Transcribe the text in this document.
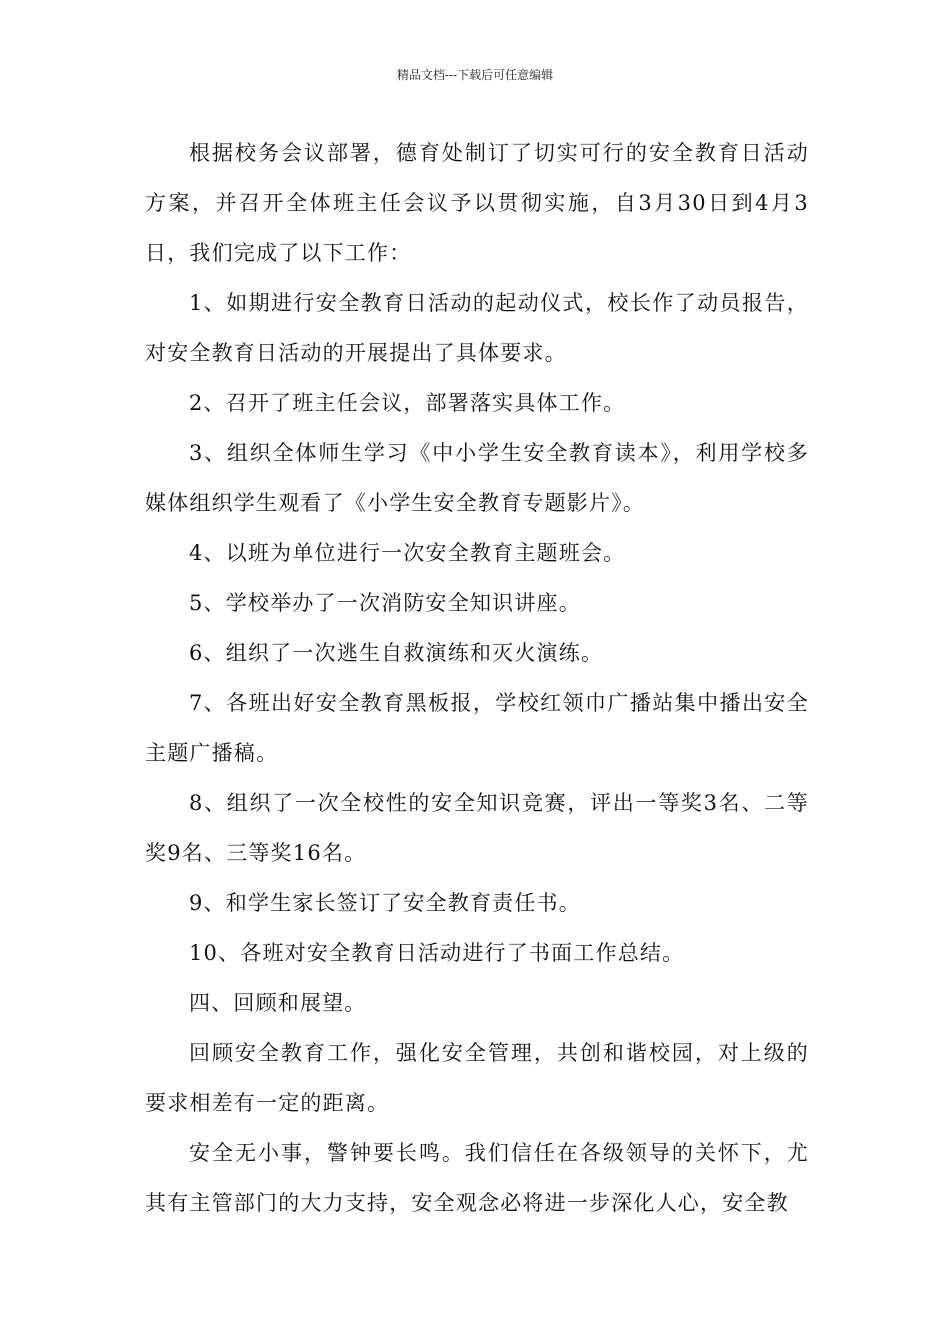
精品文档---下载后可任意编辑

根据校务会议部署，德育处制订了切实可行的安全教育日活动方案，并召开全体班主任会议予以贯彻实施，自3月30日到4月3日，我们完成了以下工作：

1、如期进行安全教育日活动的起动仪式，校长作了动员报告，对安全教育日活动的开展提出了具体要求。

2、召开了班主任会议，部署落实具体工作。

3、组织全体师生学习《中小学生安全教育读本》，利用学校多媒体组织学生观看了《小学生安全教育专题影片》。

4、以班为单位进行一次安全教育主题班会。

5、学校举办了一次消防安全知识讲座。

6、组织了一次逃生自救演练和灭火演练。

7、各班出好安全教育黑板报，学校红领巾广播站集中播出安全主题广播稿。

8、组织了一次全校性的安全知识竞赛，评出一等奖3名、二等奖9名、三等奖16名。

9、和学生家长签订了安全教育责任书。

10、各班对安全教育日活动进行了书面工作总结。

四、回顾和展望。

回顾安全教育工作，强化安全管理，共创和谐校园，对上级的要求相差有一定的距离。

安全无小事，警钟要长鸣。我们信任在各级领导的关怀下，尤其有主管部门的大力支持，安全观念必将进一步深化人心，安全教
